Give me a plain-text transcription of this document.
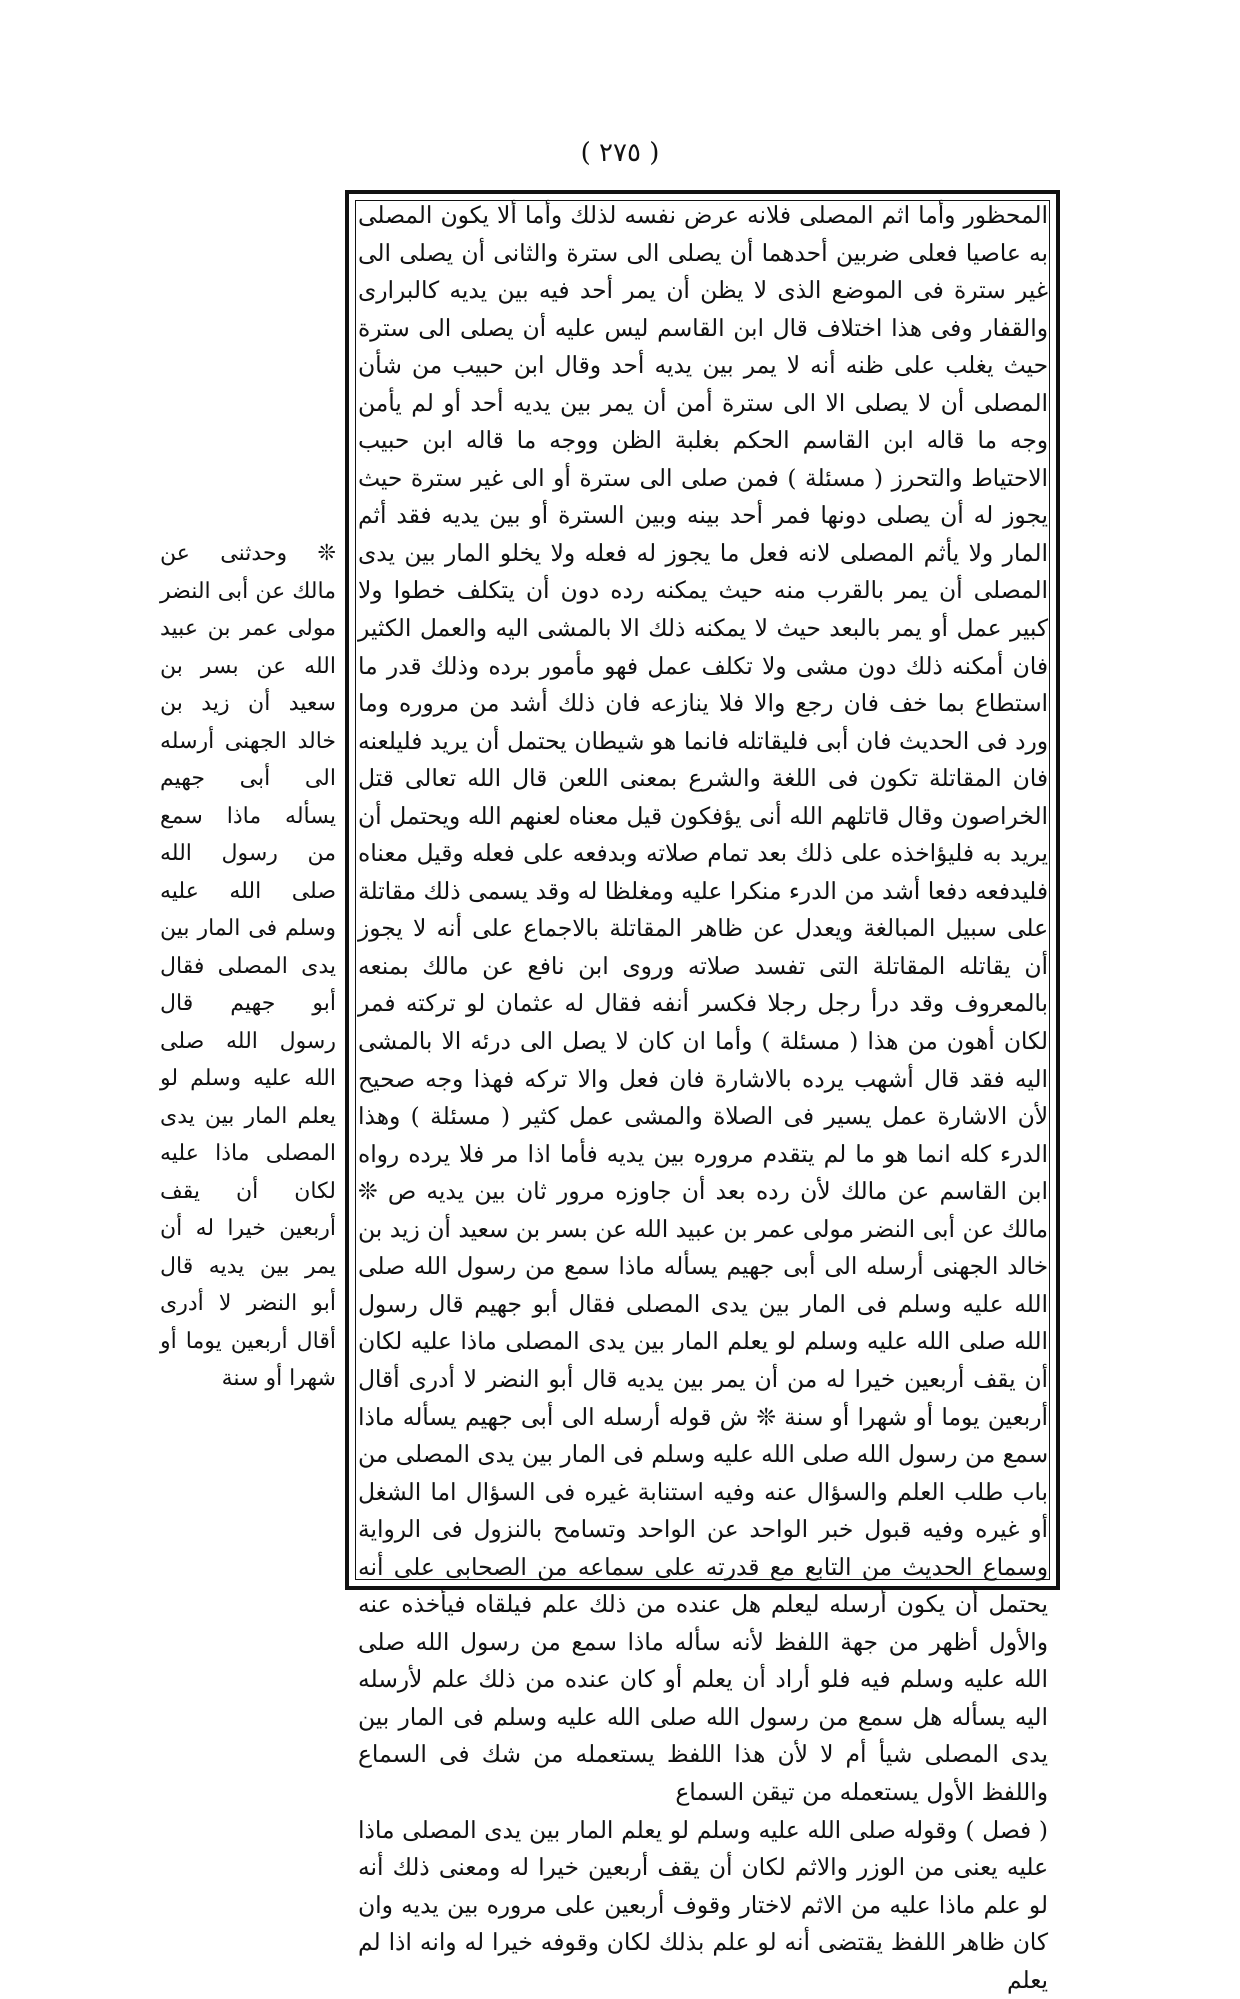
( ٢٧٥ )

المحظور وأما اثم المصلى فلانه عرض نفسه لذلك وأما ألا يكون المصلى به عاصيا فعلى ضربين أحدهما أن يصلى الى سترة والثانى أن يصلى الى غير سترة فى الموضع الذى لا يظن أن يمر أحد فيه بين يديه كالبرارى والقفار وفى هذا اختلاف قال ابن القاسم ليس عليه أن يصلى الى سترة حيث يغلب على ظنه أنه لا يمر بين يديه أحد وقال ابن حبيب من شأن المصلى أن لا يصلى الا الى سترة أمن أن يمر بين يديه أحد أو لم يأمن وجه ما قاله ابن القاسم الحكم بغلبة الظن ووجه ما قاله ابن حبيب الاحتياط والتحرز ( مسئلة ) فمن صلى الى سترة أو الى غير سترة حيث يجوز له أن يصلى دونها فمر أحد بينه وبين السترة أو بين يديه فقد أثم المار ولا يأثم المصلى لانه فعل ما يجوز له فعله ولا يخلو المار بين يدى المصلى أن يمر بالقرب منه حيث يمكنه رده دون أن يتكلف خطوا ولا كبير عمل أو يمر بالبعد حيث لا يمكنه ذلك الا بالمشى اليه والعمل الكثير فان أمكنه ذلك دون مشى ولا تكلف عمل فهو مأمور برده وذلك قدر ما استطاع بما خف فان رجع والا فلا ينازعه فان ذلك أشد من مروره وما ورد فى الحديث فان أبى فليقاتله فانما هو شيطان يحتمل أن يريد فليلعنه فان المقاتلة تكون فى اللغة والشرع بمعنى اللعن قال الله تعالى قتل الخراصون وقال قاتلهم الله أنى يؤفكون قيل معناه لعنهم الله ويحتمل أن يريد به فليؤاخذه على ذلك بعد تمام صلاته وبدفعه على فعله وقيل معناه فليدفعه دفعا أشد من الدرء منكرا عليه ومغلظا له وقد يسمى ذلك مقاتلة على سبيل المبالغة ويعدل عن ظاهر المقاتلة بالاجماع على أنه لا يجوز أن يقاتله المقاتلة التى تفسد صلاته وروى ابن نافع عن مالك بمنعه بالمعروف وقد درأ رجل رجلا فكسر أنفه فقال له عثمان لو تركته فمر لكان أهون من هذا ( مسئلة ) وأما ان كان لا يصل الى درئه الا بالمشى اليه فقد قال أشهب يرده بالاشارة فان فعل والا تركه فهذا وجه صحيح لأن الاشارة عمل يسير فى الصلاة والمشى عمل كثير ( مسئلة ) وهذا الدرء كله انما هو ما لم يتقدم مروره بين يديه فأما اذا مر فلا يرده رواه ابن القاسم عن مالك لأن رده بعد أن جاوزه مرور ثان بين يديه ص ❊ مالك عن أبى النضر مولى عمر بن عبيد الله عن بسر بن سعيد أن زيد بن خالد الجهنى أرسله الى أبى جهيم يسأله ماذا سمع من رسول الله صلى الله عليه وسلم فى المار بين يدى المصلى فقال أبو جهيم قال رسول الله صلى الله عليه وسلم لو يعلم المار بين يدى المصلى ماذا عليه لكان أن يقف أربعين خيرا له من أن يمر بين يديه قال أبو النضر لا أدرى أقال أربعين يوما أو شهرا أو سنة ❊ ش قوله أرسله الى أبى جهيم يسأله ماذا سمع من رسول الله صلى الله عليه وسلم فى المار بين يدى المصلى من باب طلب العلم والسؤال عنه وفيه استنابة غيره فى السؤال اما الشغل أو غيره وفيه قبول خبر الواحد عن الواحد وتسامح بالنزول فى الرواية وسماع الحديث من التابع مع قدرته على سماعه من الصحابى على أنه يحتمل أن يكون أرسله ليعلم هل عنده من ذلك علم فيلقاه فيأخذه عنه والأول أظهر من جهة اللفظ لأنه سأله ماذا سمع من رسول الله صلى الله عليه وسلم فيه فلو أراد أن يعلم أو كان عنده من ذلك علم لأرسله اليه يسأله هل سمع من رسول الله صلى الله عليه وسلم فى المار بين يدى المصلى شيأ أم لا لأن هذا اللفظ يستعمله من شك فى السماع واللفظ الأول يستعمله من تيقن السماع

( فصل ) وقوله صلى الله عليه وسلم لو يعلم المار بين يدى المصلى ماذا عليه يعنى من الوزر والاثم لكان أن يقف أربعين خيرا له ومعنى ذلك أنه لو علم ماذا عليه من الاثم لاختار وقوف أربعين على مروره بين يديه وان كان ظاهر اللفظ يقتضى أنه لو علم بذلك لكان وقوفه خيرا له وانه اذا لم يعلم

❊ وحدثنى عن مالك عن أبى النضر مولى عمر بن عبيد الله عن بسر بن سعيد أن زيد بن خالد الجهنى أرسله الى أبى جهيم يسأله ماذا سمع من رسول الله صلى الله عليه وسلم فى المار بين يدى المصلى فقال أبو جهيم قال رسول الله صلى الله عليه وسلم لو يعلم المار بين يدى المصلى ماذا عليه لكان أن يقف أربعين خيرا له أن يمر بين يديه قال أبو النضر لا أدرى أقال أربعين يوما أو شهرا أو سنة
